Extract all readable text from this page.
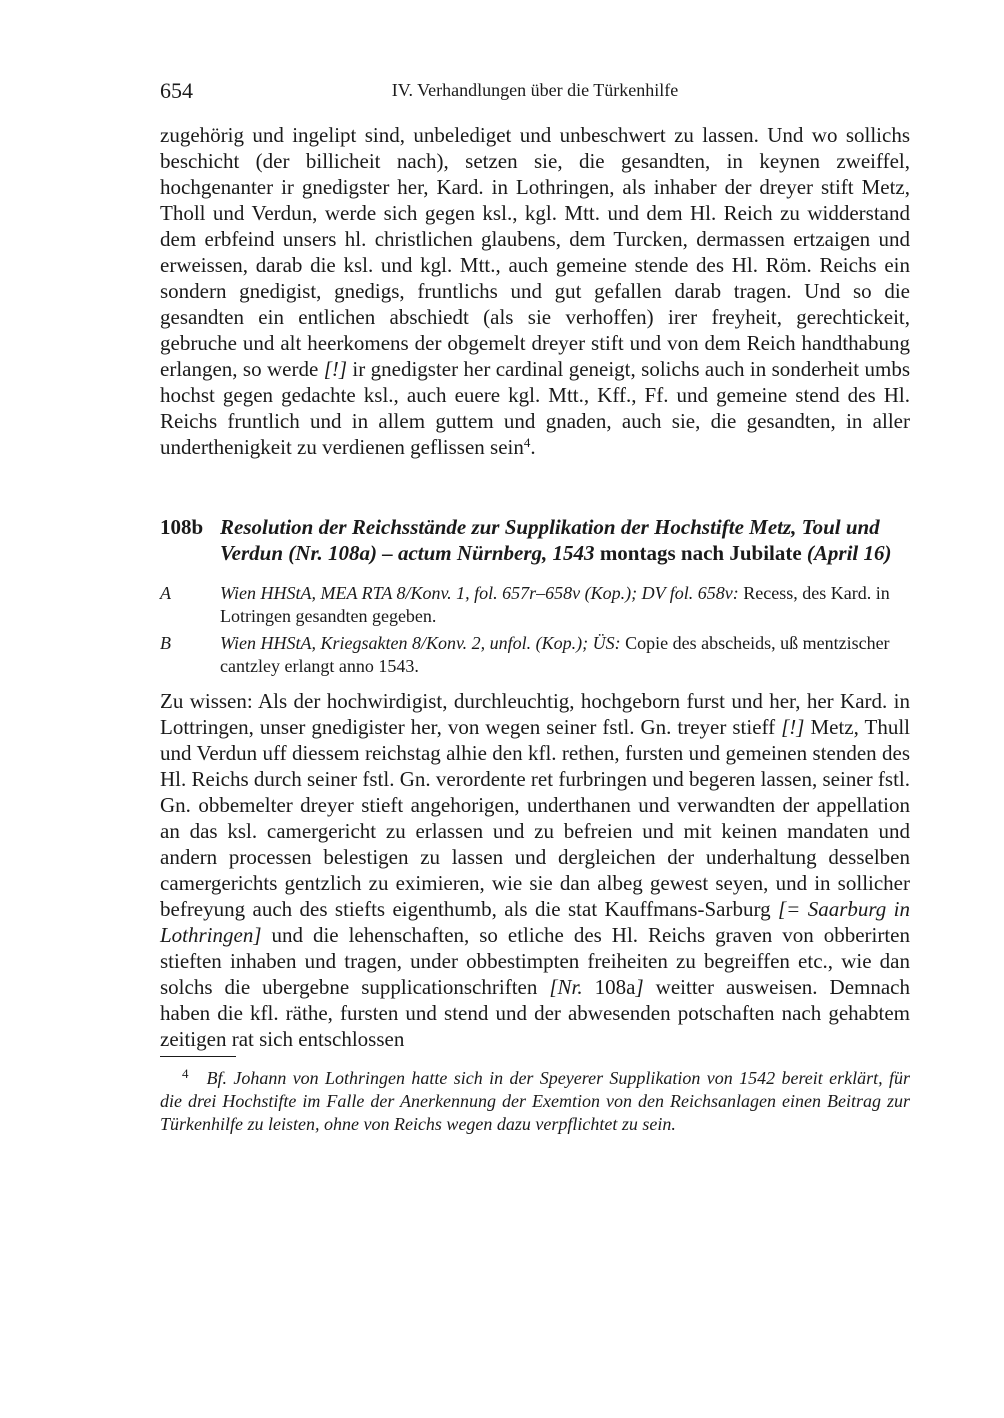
654	IV. Verhandlungen über die Türkenhilfe

zugehörig und ingelipt sind, unbelediget und unbeschwert zu lassen. Und wo sollichs beschicht (der billicheit nach), setzen sie, die gesandten, in keynen zweiffel, hochgenanter ir gnedigster her, Kard. in Lothringen, als inhaber der dreyer stift Metz, Tholl und Verdun, werde sich gegen ksl., kgl. Mtt. und dem Hl. Reich zu widderstand dem erbfeind unsers hl. christlichen glaubens, dem Turcken, dermassen ertzaigen und erweissen, darab die ksl. und kgl. Mtt., auch gemeine stende des Hl. Röm. Reichs ein sondern gnedigist, gnedigs, fruntlichs und gut gefallen darab tragen. Und so die gesandten ein entlichen abschiedt (als sie verhoffen) irer freyheit, gerechtickeit, gebruche und alt heerkomens der obgemelt dreyer stift und von dem Reich handthabung erlangen, so werde [!] ir gnedigster her cardinal geneigt, solichs auch in sonderheit umbs hochst gegen gedachte ksl., auch euere kgl. Mtt., Kff., Ff. und gemeine stend des Hl. Reichs fruntlich und in allem guttem und gnaden, auch sie, die gesandten, in aller underthenigkeit zu verdienen geflissen sein$^4$.

108b Resolution der Reichsstände zur Supplikation der Hochstifte Metz, Toul und Verdun (Nr. 108a) – actum Nürnberg, 1543 montags nach Jubilate (April 16)

A	Wien HHStA, MEA RTA 8/Konv. 1, fol. 657r–658v (Kop.); DV fol. 658v: Recess, des Kard. in Lotringen gesandten gegeben.
B	Wien HHStA, Kriegsakten 8/Konv. 2, unfol. (Kop.); ÜS: Copie des abscheids, uß mentzischer cantzley erlangt anno 1543.

Zu wissen: Als der hochwirdigist, durchleuchtig, hochgeborn furst und her, her Kard. in Lottringen, unser gnedigister her, von wegen seiner fstl. Gn. treyer stieff [!] Metz, Thull und Verdun uff diessem reichstag alhie den kfl. rethen, fursten und gemeinen stenden des Hl. Reichs durch seiner fstl. Gn. verordente ret furbringen und begeren lassen, seiner fstl. Gn. obbemelter dreyer stieft angehorigen, underthanen und verwandten der appellation an das ksl. camergericht zu erlassen und zu befreien und mit keinen mandaten und andern processen belestigen zu lassen und dergleichen der underhaltung desselben camergerichts gentzlich zu eximieren, wie sie dan albeg gewest seyen, und in sollicher befreyung auch des stiefts eigenthumb, als die stat Kauffmans-Sarburg [= Saarburg in Lothringen] und die lehenschaften, so etliche des Hl. Reichs graven von obberirten stieften inhaben und tragen, under obbestimpten freiheiten zu begreiffen etc., wie dan solchs die ubergebne supplicationschriften [Nr. 108a] weitter ausweisen. Demnach haben die kfl. räthe, fursten und stend und der abwesenden potschaften nach gehabtem zeitigen rat sich entschlossen

$^4$ Bf. Johann von Lothringen hatte sich in der Speyerer Supplikation von 1542 bereit erklärt, für die drei Hochstifte im Falle der Anerkennung der Exemtion von den Reichsanlagen einen Beitrag zur Türkenhilfe zu leisten, ohne von Reichs wegen dazu verpflichtet zu sein.
